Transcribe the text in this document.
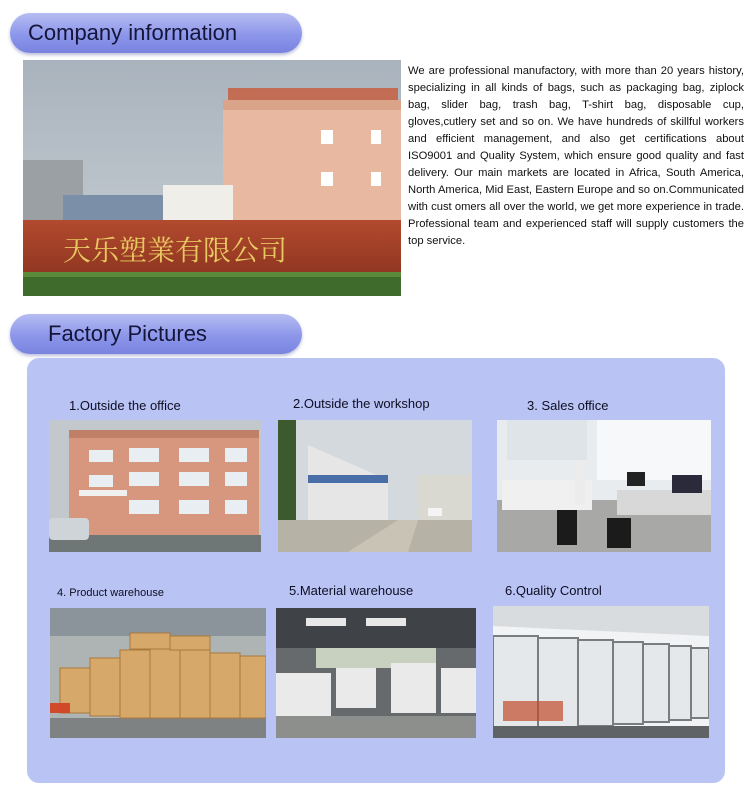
Company information
天乐塑業有限公司
We are professional manufactory, with more than 20 years history, specializing in all kinds of bags, such as packaging bag, ziplock bag, slider bag, trash bag, T-shirt bag, disposable cup, gloves,cutlery set and so on. We have hundreds of skillful workers and efficient management, and also get certifications about ISO9001 and Quality System, which ensure good quality and fast delivery. Our main markets are located in Africa, South America, North America, Mid East, Eastern Europe and so on.Communicated with cust omers all over the world, we get more experience in trade. Professional team and experienced staff will supply customers the top service.
Factory Pictures
1.Outside the office	2.Outside the workshop	3. Sales office
4. Product warehouse	5.Material warehouse	6.Quality Control
